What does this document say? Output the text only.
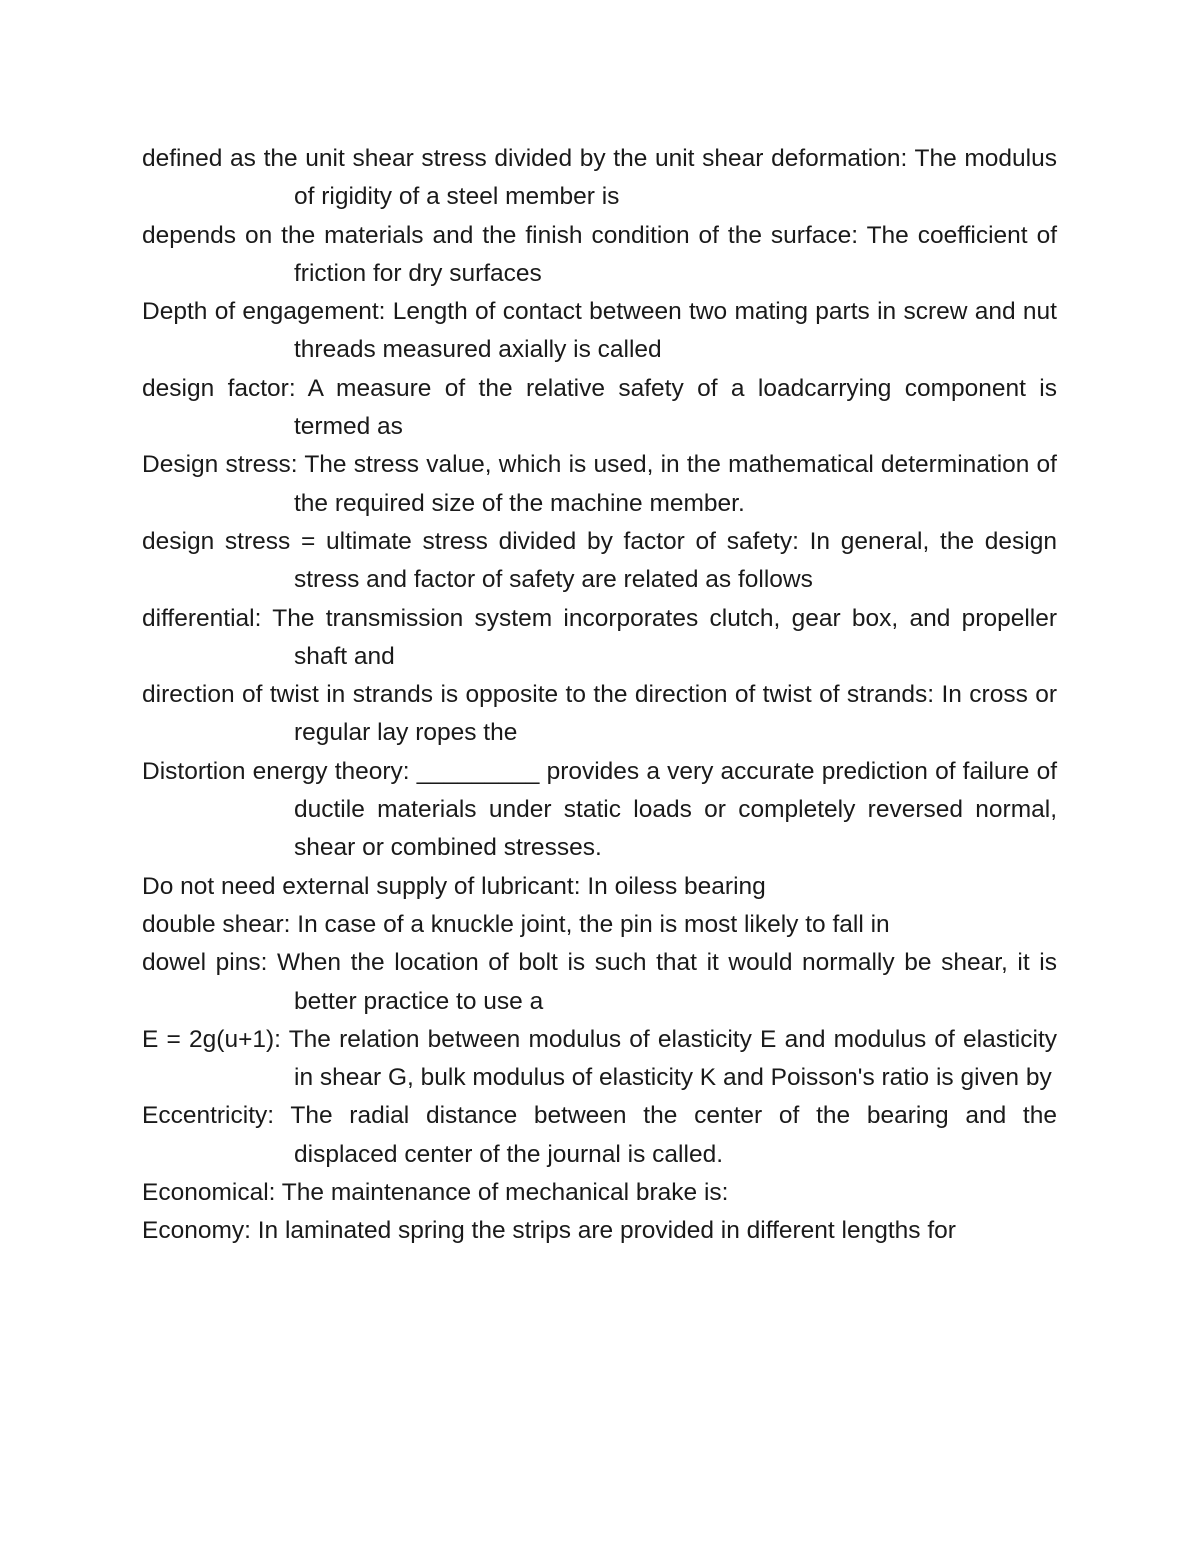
defined as the unit shear stress divided by the unit shear deformation: The modulus of rigidity of a steel member is

depends on the materials and the finish condition of the surface: The coefficient of friction for dry surfaces

Depth of engagement: Length of contact between two mating parts in screw and nut threads measured axially is called

design factor: A measure of the relative safety of a loadcarrying component is termed as

Design stress: The stress value, which is used, in the mathematical determination of the required size of the machine member.

design stress = ultimate stress divided by factor of safety: In general, the design stress and factor of safety are related as follows

differential: The transmission system incorporates clutch, gear box, and propeller shaft and

direction of twist in strands is opposite to the direction of twist of strands: In cross or regular lay ropes the

Distortion energy theory: _________ provides a very accurate prediction of failure of ductile materials under static loads or completely reversed normal, shear or combined stresses.

Do not need external supply of lubricant: In oiless bearing

double shear: In case of a knuckle joint, the pin is most likely to fall in

dowel pins: When the location of bolt is such that it would normally be shear, it is better practice to use a

E = 2g(u+1): The relation between modulus of elasticity E and modulus of elasticity in shear G, bulk modulus of elasticity K and Poisson's ratio is given by

Eccentricity: The radial distance between the center of the bearing and the displaced center of the journal is called.

Economical: The maintenance of mechanical brake is:

Economy: In laminated spring the strips are provided in different lengths for
